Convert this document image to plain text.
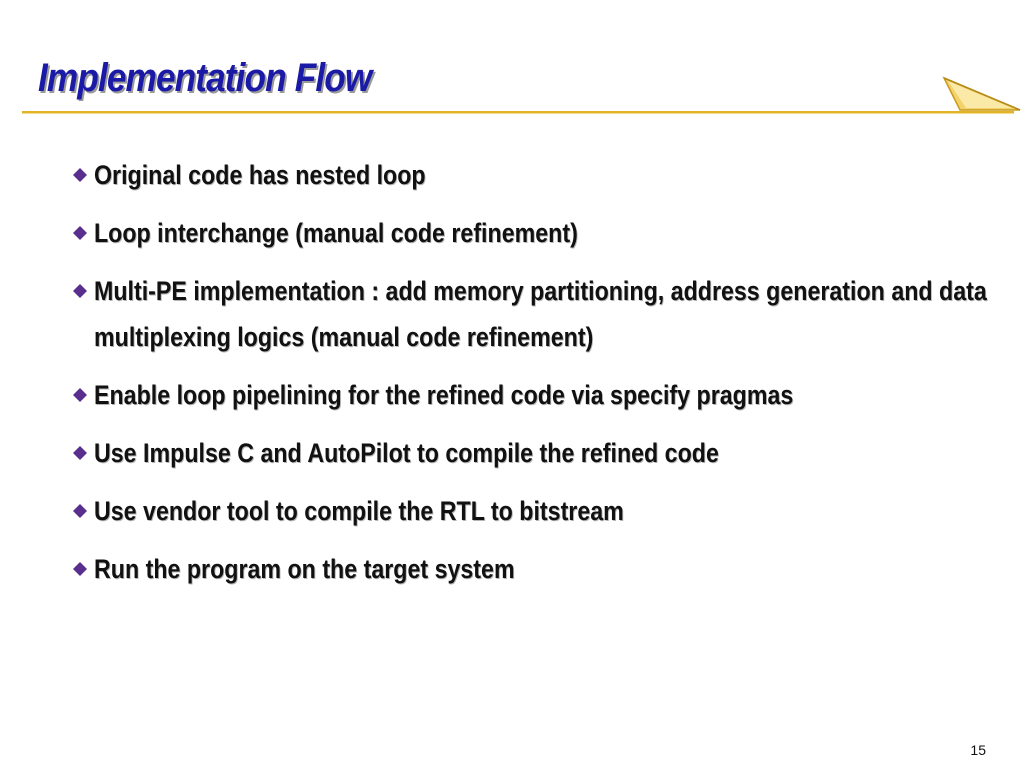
Implementation Flow
Original code has nested loop
Loop interchange (manual code refinement)
Multi-PE implementation : add memory partitioning, address generation and data multiplexing logics (manual code refinement)
Enable loop pipelining for the refined code via specify pragmas
Use Impulse C and AutoPilot to compile the refined code
Use vendor tool to compile the RTL to bitstream
Run the program on the target system
15
